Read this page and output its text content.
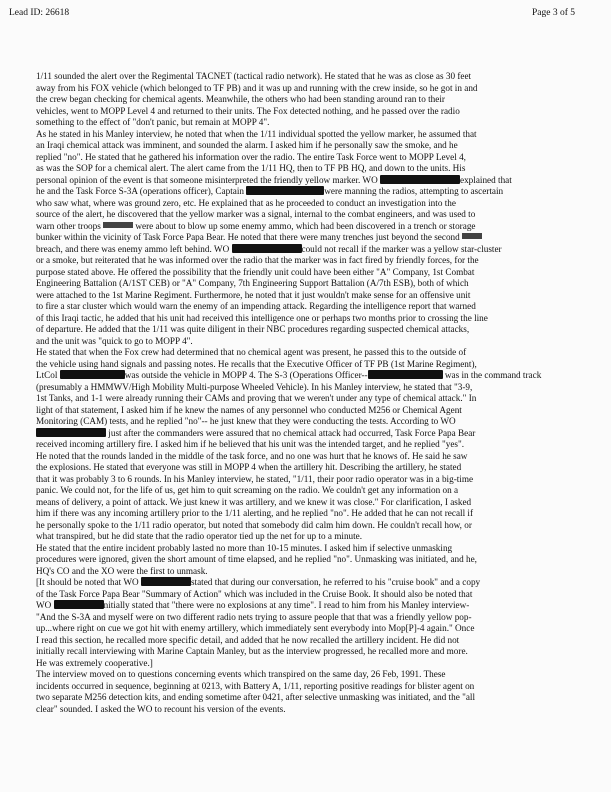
Lead ID: 26618	Page 3 of 5

1/11 sounded the alert over the Regimental TACNET (tactical radio network). He stated that he was as close as 30 feet

away from his FOX vehicle (which belonged to TF PB) and it was up and running with the crew inside, so he got in and

the crew began checking for chemical agents. Meanwhile, the others who had been standing around ran to their

vehicles, went to MOPP Level 4 and returned to their units. The Fox detected nothing, and he passed over the radio

something to the effect of "don't panic, but remain at MOPP 4".

As he stated in his Manley interview, he noted that when the 1/11 individual spotted the yellow marker, he assumed that

an Iraqi chemical attack was imminent, and sounded the alarm. I asked him if he personally saw the smoke, and he

replied "no". He stated that he gathered his information over the radio. The entire Task Force went to MOPP Level 4,

as was the SOP for a chemical alert. The alert came from the 1/11 HQ, then to TF PB HQ, and down to the units. His

personal opinion of the event is that someone misinterpreted the friendly yellow marker. WO	explained that

he and the Task Force S-3A (operations officer), Captain	were manning the radios, attempting to ascertain

who saw what, where was ground zero, etc. He explained that as he proceeded to conduct an investigation into the

source of the alert, he discovered that the yellow marker was a signal, internal to the combat engineers, and was used to

warn other troops	were about to blow up some enemy ammo, which had been discovered in a trench or storage

bunker within the vicinity of Task Force Papa Bear. He noted that there were many trenches just beyond the second

breach, and there was enemy ammo left behind. WO	could not recall if the marker was a yellow star-cluster

or a smoke, but reiterated that he was informed over the radio that the marker was in fact fired by friendly forces, for the

purpose stated above. He offered the possibility that the friendly unit could have been either "A" Company, 1st Combat

Engineering Battalion (A/1ST CEB) or "A" Company, 7th Engineering Support Battalion (A/7th ESB), both of which

were attached to the 1st Marine Regiment. Furthermore, he noted that it just wouldn't make sense for an offensive unit

to fire a star cluster which would warn the enemy of an impending attack. Regarding the intelligence report that warned

of this Iraqi tactic, he added that his unit had received this intelligence one or perhaps two months prior to crossing the line

of departure. He added that the 1/11 was quite diligent in their NBC procedures regarding suspected chemical attacks,

and the unit was "quick to go to MOPP 4".

He stated that when the Fox crew had determined that no chemical agent was present, he passed this to the outside of

the vehicle using hand signals and passing notes. He recalls that the Executive Officer of TF PB (1st Marine Regiment),

LtCol	was outside the vehicle in MOPP 4. The S-3 (Operations Officer--	was in the command track

(presumably a HMMWV/High Mobility Multi-purpose Wheeled Vehicle). In his Manley interview, he stated that "3-9,

1st Tanks, and 1-1 were already running their CAMs and proving that we weren't under any type of chemical attack." In

light of that statement, I asked him if he knew the names of any personnel who conducted M256 or Chemical Agent

Monitoring (CAM) tests, and he replied "no"-- he just knew that they were conducting the tests. According to WO

just after the commanders were assured that no chemical attack had occurred, Task Force Papa Bear

received incoming artillery fire. I asked him if he believed that his unit was the intended target, and he replied "yes".

He noted that the rounds landed in the middle of the task force, and no one was hurt that he knows of. He said he saw

the explosions. He stated that everyone was still in MOPP 4 when the artillery hit. Describing the artillery, he stated

that it was probably 3 to 6 rounds. In his Manley interview, he stated, "1/11, their poor radio operator was in a big-time

panic. We could not, for the life of us, get him to quit screaming on the radio. We couldn't get any information on a

means of delivery, a point of attack. We just knew it was artillery, and we knew it was close." For clarification, I asked

him if there was any incoming artillery prior to the 1/11 alerting, and he replied "no". He added that he can not recall if

he personally spoke to the 1/11 radio operator, but noted that somebody did calm him down. He couldn't recall how, or

what transpired, but he did state that the radio operator tied up the net for up to a minute.

He stated that the entire incident probably lasted no more than 10-15 minutes. I asked him if selective unmasking

procedures were ignored, given the short amount of time elapsed, and he replied "no". Unmasking was initiated, and he,

HQ's CO and the XO were the first to unmask.

[It should be noted that WO	stated that during our conversation, he referred to his "cruise book" and a copy

of the Task Force Papa Bear "Summary of Action" which was included in the Cruise Book. It should also be noted that

WO	nitially stated that "there were no explosions at any time". I read to him from his Manley interview-

"And the S-3A and myself were on two different radio nets trying to assure people that that was a friendly yellow pop-

up...where right on cue we got hit with enemy artillery, which immediately sent everybody into Mop[P]-4 again." Once

I read this section, he recalled more specific detail, and added that he now recalled the artillery incident. He did not

initially recall interviewing with Marine Captain Manley, but as the interview progressed, he recalled more and more.

He was extremely cooperative.]

The interview moved on to questions concerning events which transpired on the same day, 26 Feb, 1991. These

incidents occurred in sequence, beginning at 0213, with Battery A, 1/11, reporting positive readings for blister agent on

two separate M256 detection kits, and ending sometime after 0421, after selective unmasking was initiated, and the "all

clear" sounded. I asked the WO to recount his version of the events.
